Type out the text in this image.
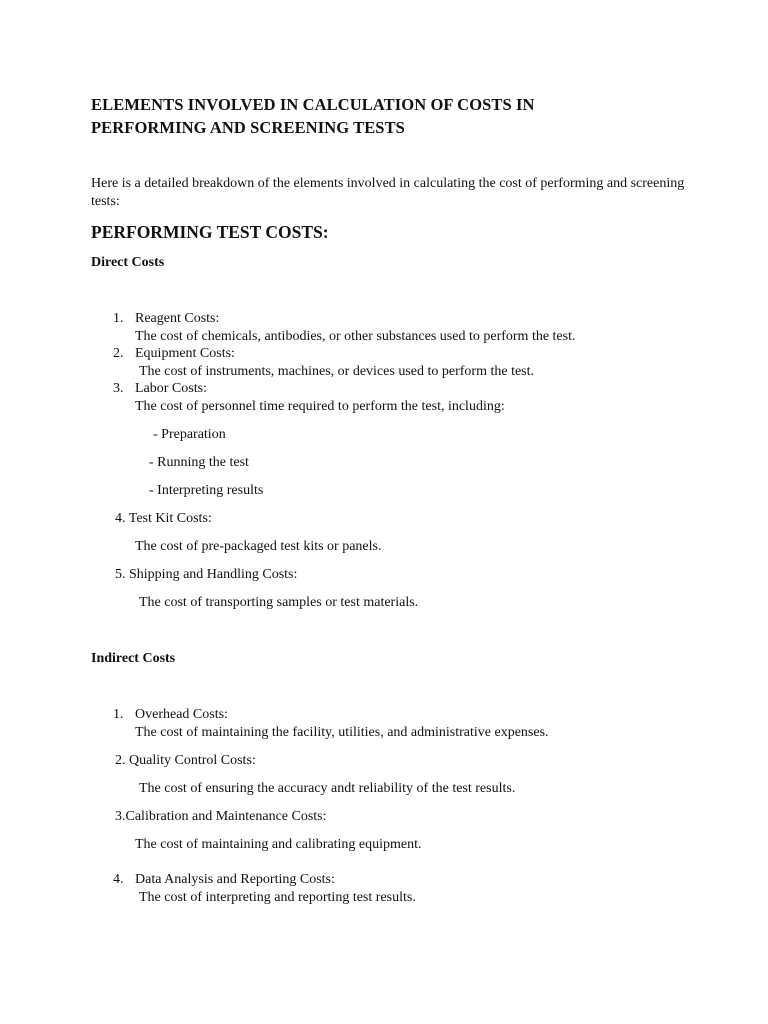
ELEMENTS INVOLVED IN CALCULATION OF COSTS IN
PERFORMING AND SCREENING TESTS
Here is a detailed breakdown of the elements involved in calculating the cost of performing and screening
tests:
PERFORMING TEST COSTS:
Direct Costs
1. Reagent Costs:
The cost of chemicals, antibodies, or other substances used to perform the test.
2. Equipment Costs:
The cost of instruments, machines, or devices used to perform the test.
3. Labor Costs:
The cost of personnel time required to perform the test, including:
- Preparation
- Running the test
- Interpreting results
4. Test Kit Costs:
The cost of pre-packaged test kits or panels.
5. Shipping and Handling Costs:
The cost of transporting samples or test materials.
Indirect Costs
1. Overhead Costs:
The cost of maintaining the facility, utilities, and administrative expenses.
2. Quality Control Costs:
The cost of ensuring the accuracy andt reliability of the test results.
3.Calibration and Maintenance Costs:
The cost of maintaining and calibrating equipment.
4. Data Analysis and Reporting Costs:
The cost of interpreting and reporting test results.
